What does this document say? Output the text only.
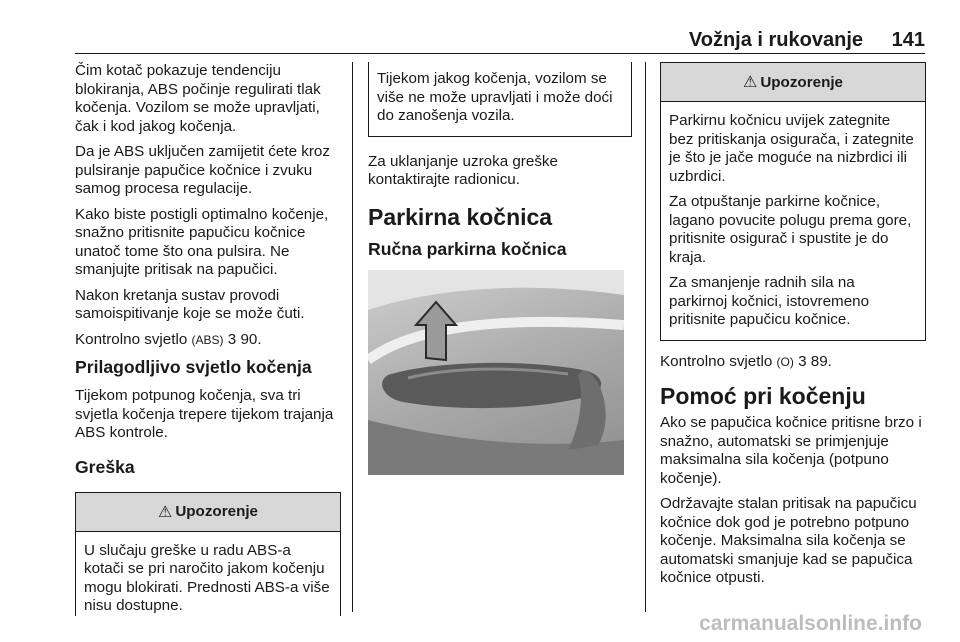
Vožnja i rukovanje 141

Čim kotač pokazuje tendenciju blokiranja, ABS počinje regulirati tlak kočenja. Vozilom se može upravljati, čak i kod jakog kočenja.

Da je ABS uključen zamijetit ćete kroz pulsiranje papučice kočnice i zvuku samog procesa regulacije.

Kako biste postigli optimalno kočenje, snažno pritisnite papučicu kočnice unatoč tome što ona pulsira. Ne smanjujte pritisak na papučici.

Nakon kretanja sustav provodi samoispitivanje koje se može čuti.

Kontrolno svjetlo (ABS) 3 90.

Prilagodljivo svjetlo kočenja

Tijekom potpunog kočenja, sva tri svjetla kočenja trepere tijekom trajanja ABS kontrole.

Greška
⚠ Upozorenje

U slučaju greške u radu ABS-a kotači se pri naročito jakom kočenju mogu blokirati. Prednosti ABS-a više nisu dostupne.

Tijekom jakog kočenja, vozilom se više ne može upravljati i može doći do zanošenja vozila.

Za uklanjanje uzroka greške kontaktirajte radionicu.

Parkirna kočnica
Ručna parkirna kočnica
⚠ Upozorenje

Parkirnu kočnicu uvijek zategnite bez pritiskanja osigurača, i zategnite je što je jače moguće na nizbrdici ili uzbrdici.

Za otpuštanje parkirne kočnice, lagano povucite polugu prema gore, pritisnite osigurač i spustite je do kraja.

Za smanjenje radnih sila na parkirnoj kočnici, istovremeno pritisnite papučicu kočnice.

Kontrolno svjetlo (O) 3 89.

Pomoć pri kočenju

Ako se papučica kočnice pritisne brzo i snažno, automatski se primjenjuje maksimalna sila kočenja (potpuno kočenje).

Održavajte stalan pritisak na papučicu kočnice dok god je potrebno potpuno kočenje. Maksimalna sila kočenja se automatski smanjuje kad se papučica kočnice otpusti.

carmanualsonline.info
